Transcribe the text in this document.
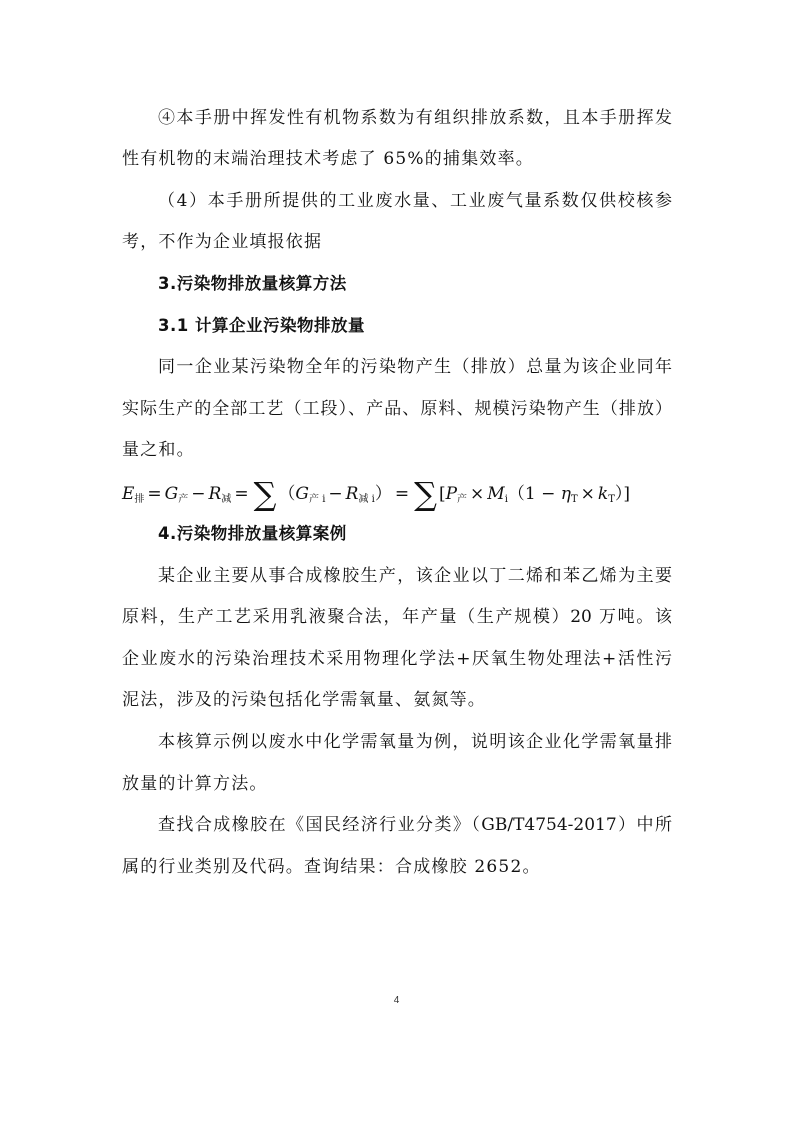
④本手册中挥发性有机物系数为有组织排放系数，且本手册挥发
性有机物的末端治理技术考虑了 65%的捕集效率。
（4）本手册所提供的工业废水量、工业废气量系数仅供校核参
考，不作为企业填报依据
3.污染物排放量核算方法
3.1 计算企业污染物排放量
同一企业某污染物全年的污染物产生（排放）总量为该企业同年
实际生产的全部工艺（工段）、产品、原料、规模污染物产生（排放）
量之和。
$E_排 = G_产 - R_减$ = ∑ $(G_{产 i} - R_{减 i})$ = ∑ $[P_产 \times M_i(1 - \eta_T \times k_T)]$
4.污染物排放量核算案例
某企业主要从事合成橡胶生产，该企业以丁二烯和苯乙烯为主要
原料，生产工艺采用乳液聚合法，年产量（生产规模）20 万吨。该
企业废水的污染治理技术采用物理化学法+厌氧生物处理法+活性污
泥法，涉及的污染包括化学需氧量、氨氮等。
本核算示例以废水中化学需氧量为例，说明该企业化学需氧量排
放量的计算方法。
查找合成橡胶在《国民经济行业分类》（GB/T4754-2017）中所
属的行业类别及代码。查询结果：合成橡胶 2652。
4
